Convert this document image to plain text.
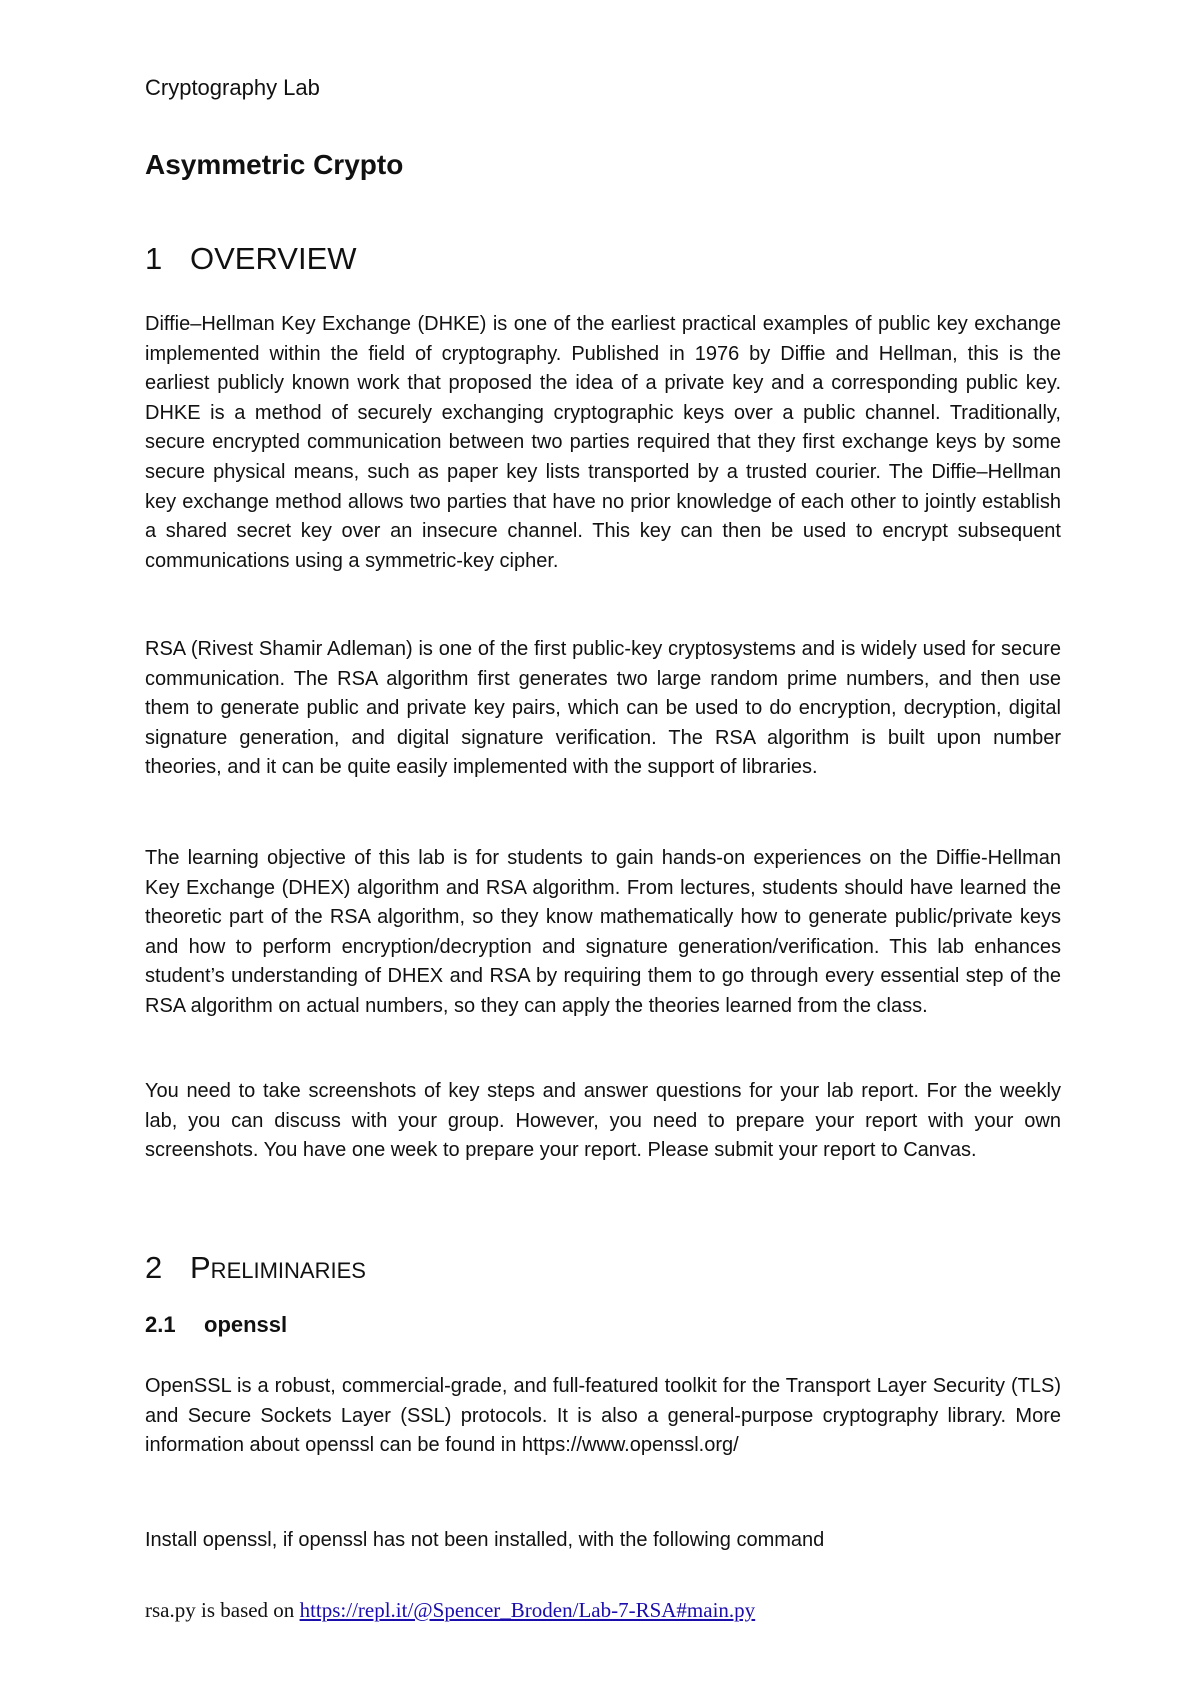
Cryptography Lab

Asymmetric Crypto
1 OVERVIEW

Diffie–Hellman Key Exchange (DHKE) is one of the earliest practical examples of public key exchange implemented within the field of cryptography. Published in 1976 by Diffie and Hellman, this is the earliest publicly known work that proposed the idea of a private key and a corresponding public key. DHKE is a method of securely exchanging cryptographic keys over a public channel. Traditionally, secure encrypted communication between two parties required that they first exchange keys by some secure physical means, such as paper key lists transported by a trusted courier. The Diffie–Hellman key exchange method allows two parties that have no prior knowledge of each other to jointly establish a shared secret key over an insecure channel. This key can then be used to encrypt subsequent communications using a symmetric-key cipher.

RSA (Rivest Shamir Adleman) is one of the first public-key cryptosystems and is widely used for secure communication. The RSA algorithm first generates two large random prime numbers, and then use them to generate public and private key pairs, which can be used to do encryption, decryption, digital signature generation, and digital signature verification. The RSA algorithm is built upon number theories, and it can be quite easily implemented with the support of libraries.

The learning objective of this lab is for students to gain hands-on experiences on the Diffie-Hellman Key Exchange (DHEX) algorithm and RSA algorithm. From lectures, students should have learned the theoretic part of the RSA algorithm, so they know mathematically how to generate public/private keys and how to perform encryption/decryption and signature generation/verification. This lab enhances student’s understanding of DHEX and RSA by requiring them to go through every essential step of the RSA algorithm on actual numbers, so they can apply the theories learned from the class.

You need to take screenshots of key steps and answer questions for your lab report. For the weekly lab, you can discuss with your group. However, you need to prepare your report with your own screenshots. You have one week to prepare your report. Please submit your report to Canvas.

2 Preliminaries
2.1	openssl

OpenSSL is a robust, commercial-grade, and full-featured toolkit for the Transport Layer Security (TLS) and Secure Sockets Layer (SSL) protocols. It is also a general-purpose cryptography library. More information about openssl can be found in https://www.openssl.org/

Install openssl, if openssl has not been installed, with the following command

rsa.py is based on https://repl.it/@Spencer_Broden/Lab-7-RSA#main.py
